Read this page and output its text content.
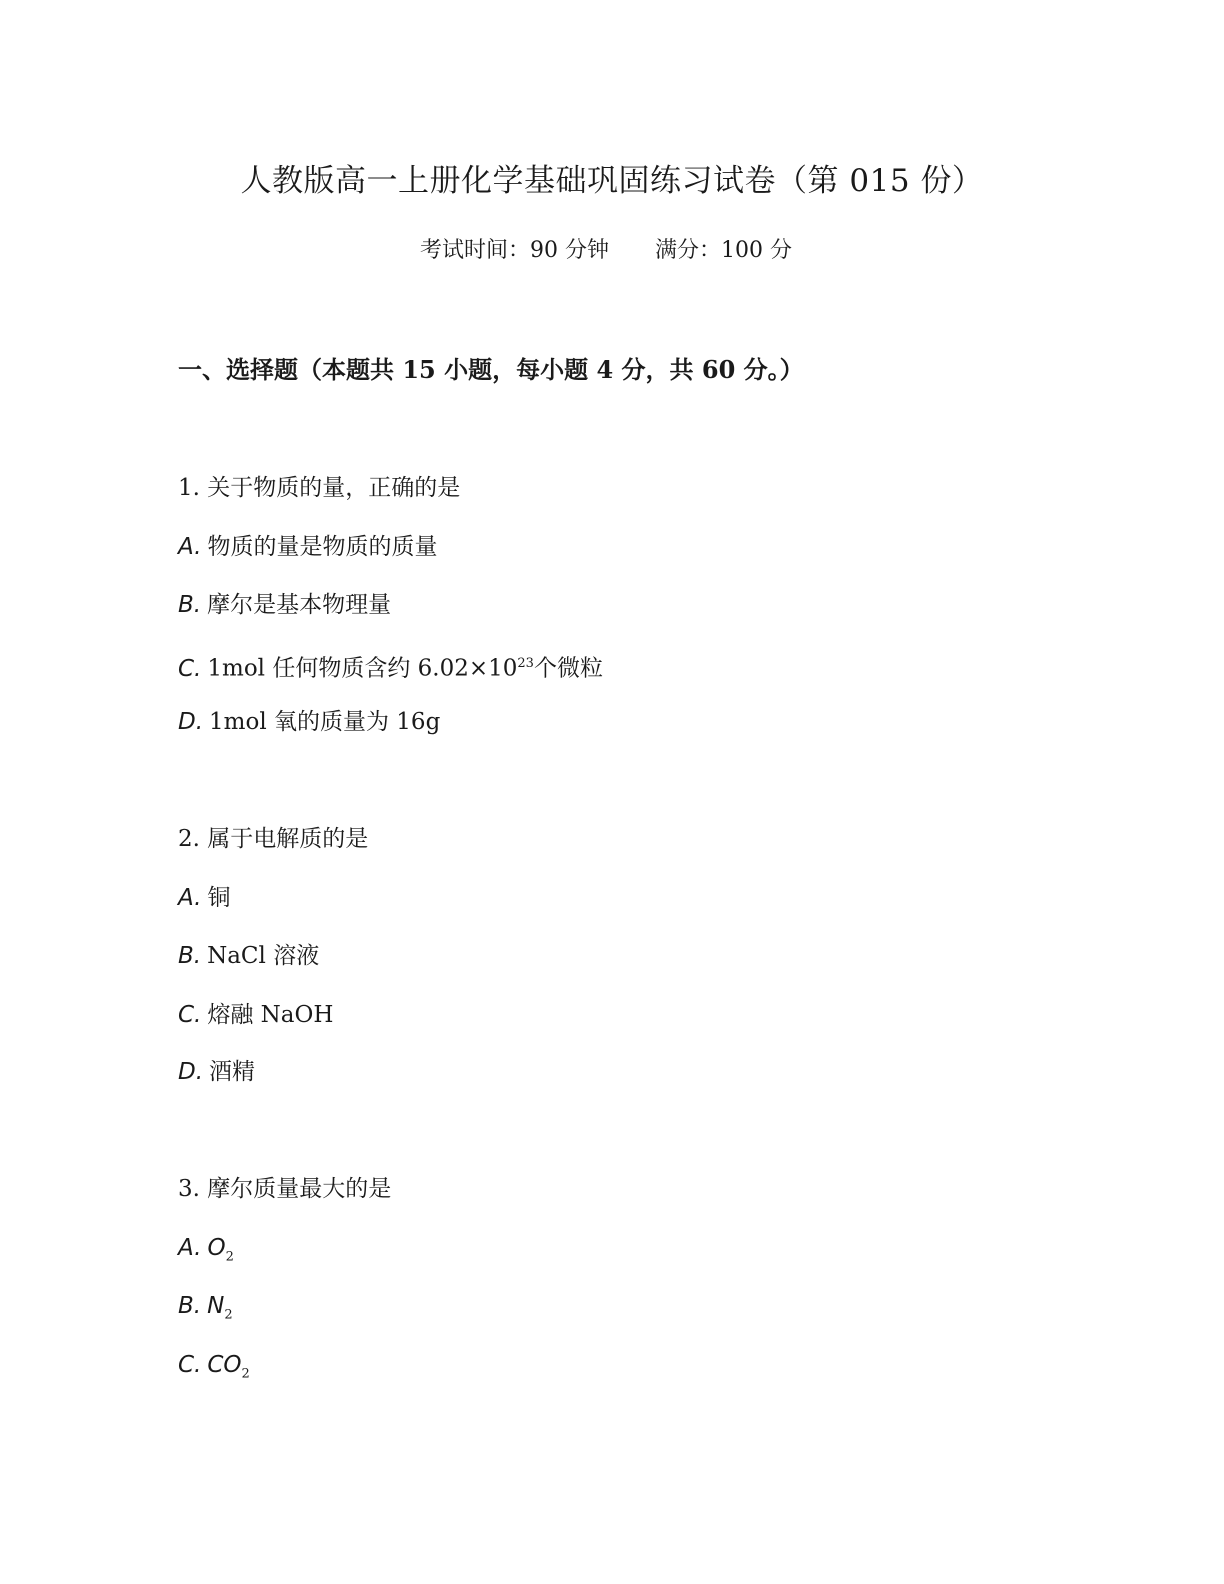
人教版高一上册化学基础巩固练习试卷（第 015 份）
考试时间：90 分钟 满分：100 分
一、选择题（本题共 15 小题，每小题 4 分，共 60 分。）
1. 关于物质的量，正确的是
A. 物质的量是物质的质量
B. 摩尔是基本物理量
C. 1mol 任何物质含约 $6.02\times 10^{23}$个微粒
D. 1mol 氧的质量为 16g
2. 属于电解质的是
A. 铜
B. NaCl 溶液
C. 熔融 NaOH
D. 酒精
3. 摩尔质量最大的是
A. $O_2$
B. $N_2$
C. $CO_2$
